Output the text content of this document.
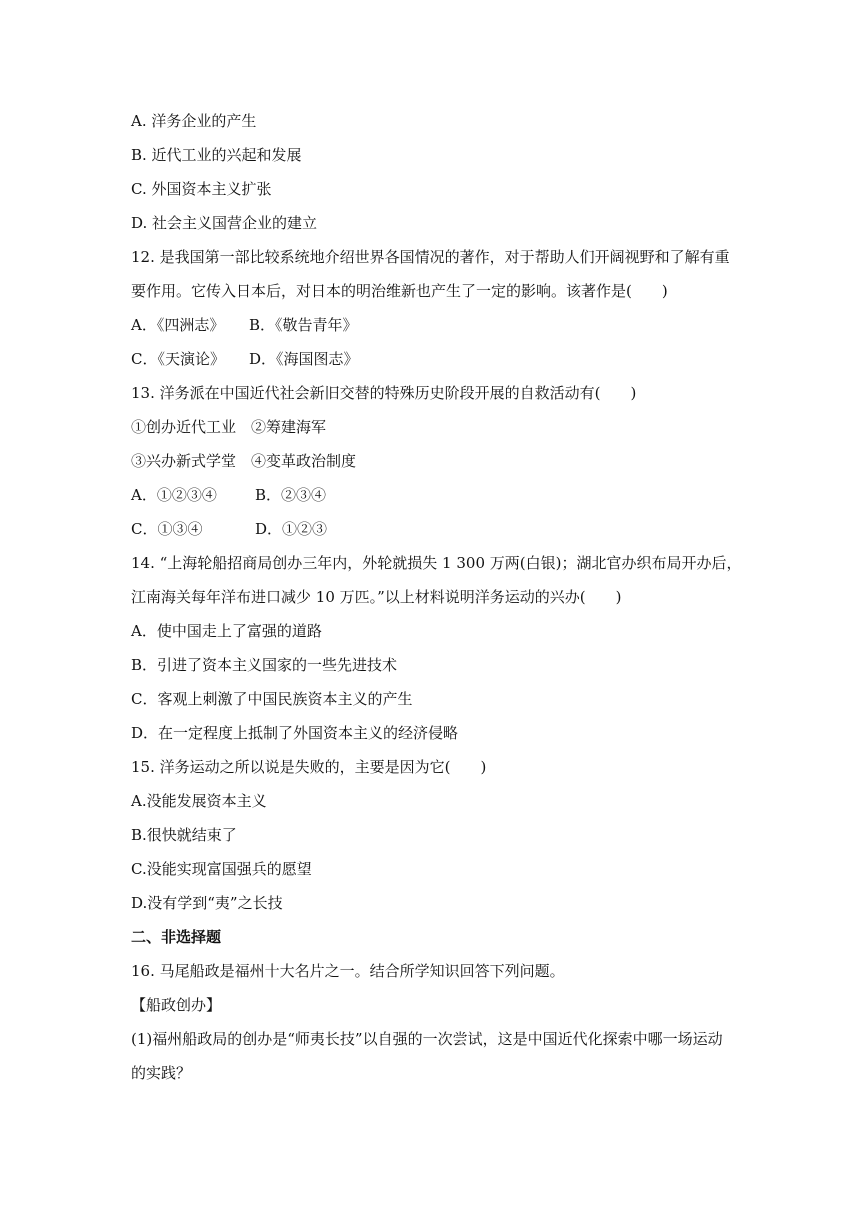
A. 洋务企业的产生
B. 近代工业的兴起和发展
C. 外国资本主义扩张
D. 社会主义国营企业的建立
12. 是我国第一部比较系统地介绍世界各国情况的著作，对于帮助人们开阔视野和了解有重
要作用。它传入日本后，对日本的明治维新也产生了一定的影响。该著作是(　　)
A．《四洲志》 B．《敬告青年》
C．《天演论》 D．《海国图志》
13. 洋务派在中国近代社会新旧交替的特殊历史阶段开展的自救活动有(　　)
①创办近代工业 ②筹建海军
③兴办新式学堂 ④变革政治制度
A．①②③④	B．②③④
C．①③④	D．①②③
14. “上海轮船招商局创办三年内，外轮就损失 1 300 万两(白银)；湖北官办织布局开办后，
江南海关每年洋布进口减少 10 万匹。”以上材料说明洋务运动的兴办(　　)
A．使中国走上了富强的道路
B．引进了资本主义国家的一些先进技术
C．客观上刺激了中国民族资本主义的产生
D．在一定程度上抵制了外国资本主义的经济侵略
15. 洋务运动之所以说是失败的，主要是因为它(　　)
A.没能发展资本主义
B.很快就结束了
C.没能实现富国强兵的愿望
D.没有学到“夷”之长技
二、非选择题
16. 马尾船政是福州十大名片之一。结合所学知识回答下列问题。
【船政创办】
(1)福州船政局的创办是“师夷长技”以自强的一次尝试，这是中国近代化探索中哪一场运动
的实践？
